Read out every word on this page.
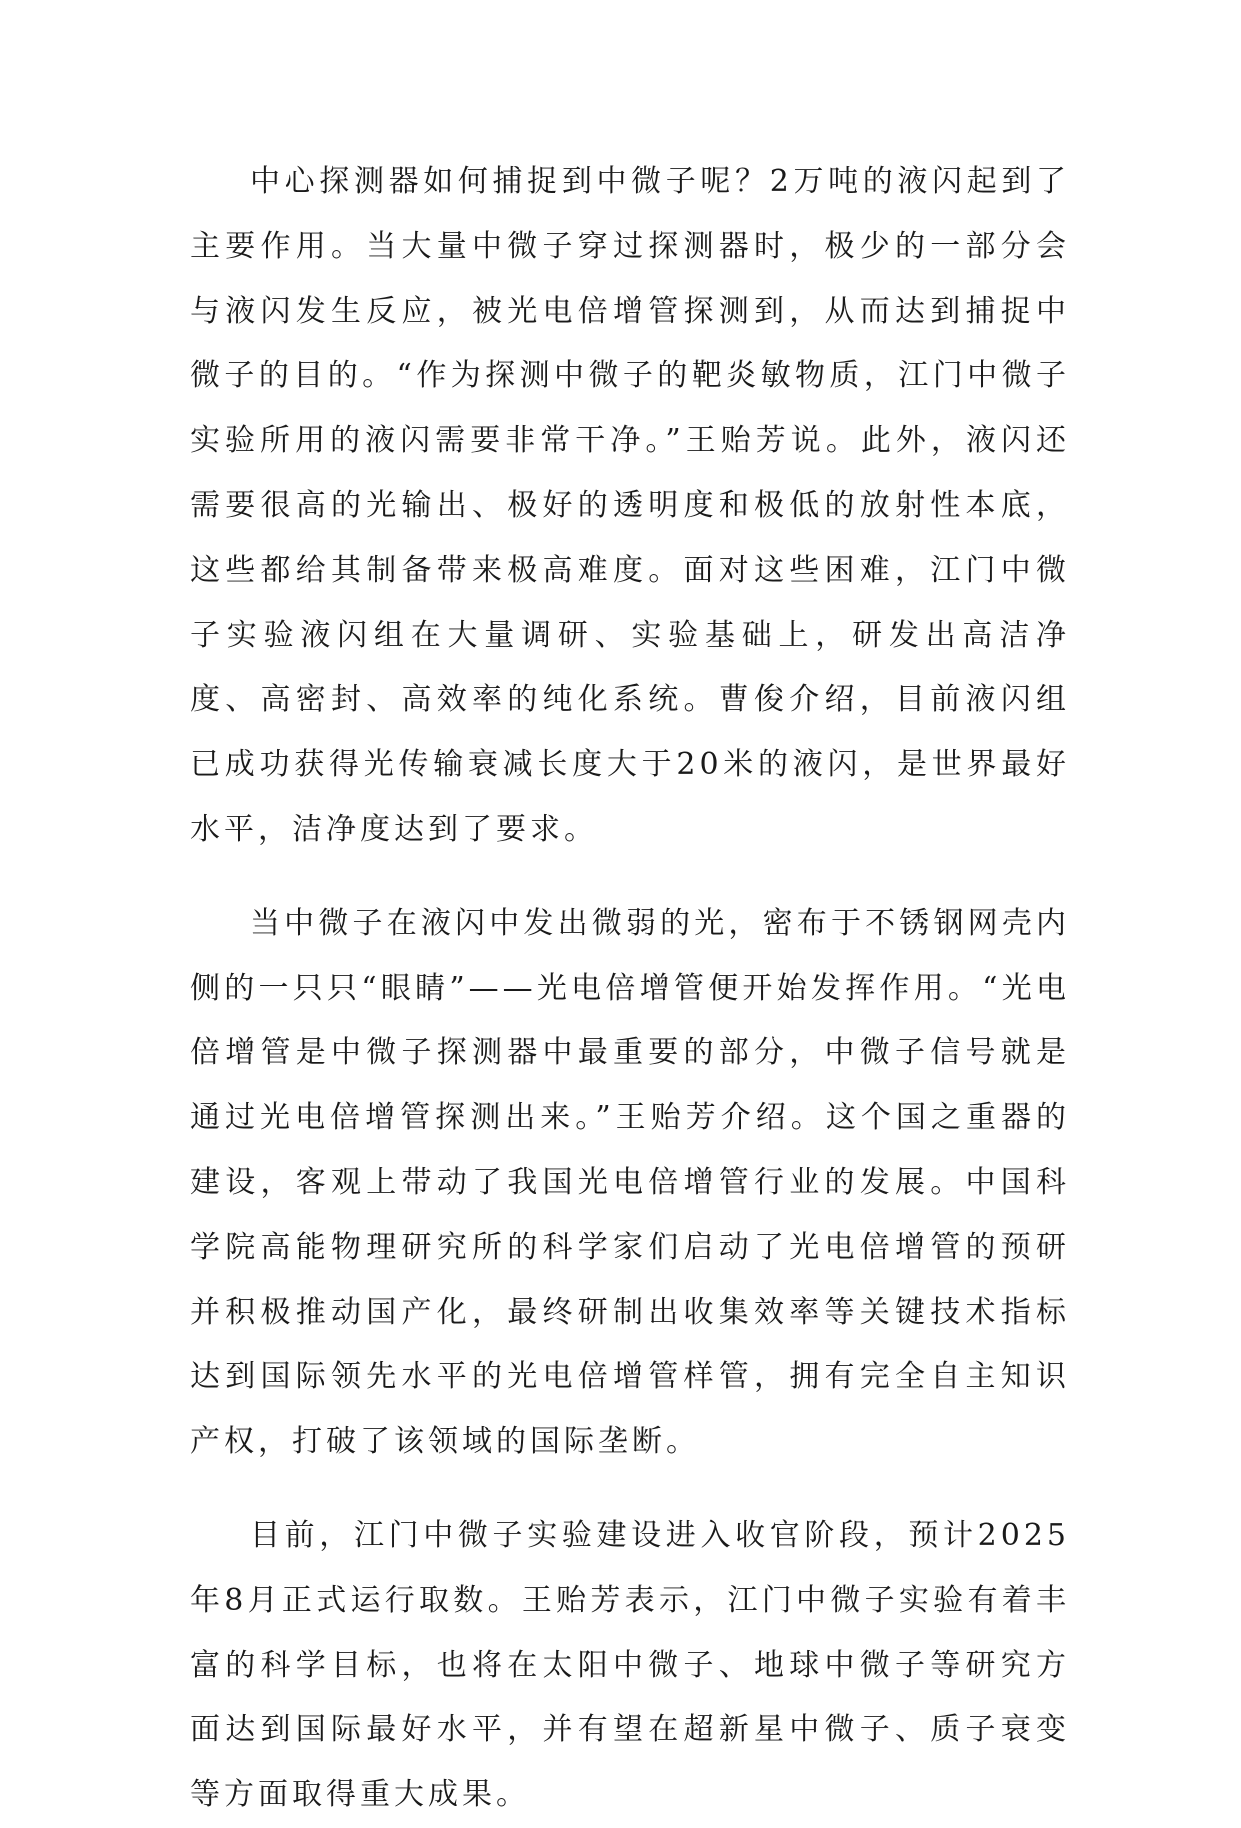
中心探测器如何捕捉到中微子呢？2万吨的液闪起到了主要作用。当大量中微子穿过探测器时，极少的一部分会与液闪发生反应，被光电倍增管探测到，从而达到捕捉中微子的目的。“作为探测中微子的靶炎敏物质，江门中微子实验所用的液闪需要非常干净。”王贻芳说。此外，液闪还需要很高的光输出、极好的透明度和极低的放射性本底，这些都给其制备带来极高难度。面对这些困难，江门中微子实验液闪组在大量调研、实验基础上，研发出高洁净度、高密封、高效率的纯化系统。曹俊介绍，目前液闪组已成功获得光传输衰减长度大于20米的液闪，是世界最好水平，洁净度达到了要求。

当中微子在液闪中发出微弱的光，密布于不锈钢网壳内侧的一只只“眼睛”——光电倍增管便开始发挥作用。“光电倍增管是中微子探测器中最重要的部分，中微子信号就是通过光电倍增管探测出来。”王贻芳介绍。这个国之重器的建设，客观上带动了我国光电倍增管行业的发展。中国科学院高能物理研究所的科学家们启动了光电倍增管的预研并积极推动国产化，最终研制出收集效率等关键技术指标达到国际领先水平的光电倍增管样管，拥有完全自主知识产权，打破了该领域的国际垄断。

目前，江门中微子实验建设进入收官阶段，预计2025年8月正式运行取数。王贻芳表示，江门中微子实验有着丰富的科学目标，也将在太阳中微子、地球中微子等研究方面达到国际最好水平，并有望在超新星中微子、质子衰变等方面取得重大成果。
